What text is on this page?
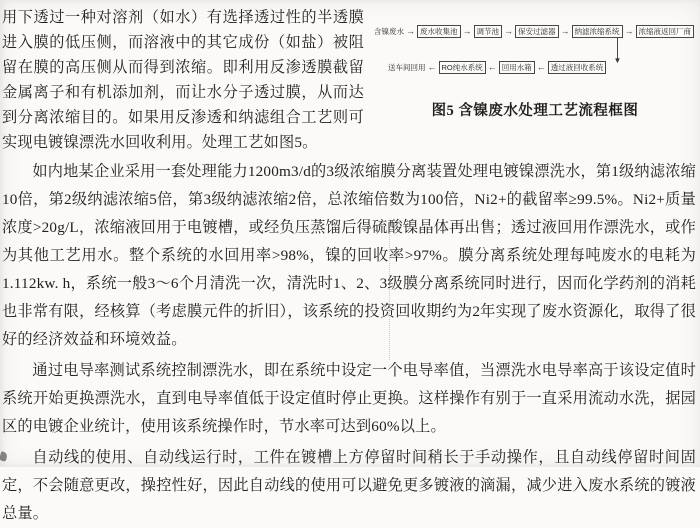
含镍废水 → 废水收集池 → 调节池 → 保安过滤器 → 纳滤浓缩系统 → 浓缩液返回厂商
▼
送车间回用 ← RO纯水系统 ← 回用水箱 ← 透过液回收系统
图5 含镍废水处理工艺流程框图

用下透过一种对溶剂（如水）有选择透过性的半透膜进入膜的低压侧，而溶液中的其它成份（如盐）被阻留在膜的高压侧从而得到浓缩。即利用反渗透膜截留金属离子和有机添加剂，而让水分子透过膜，从而达到分离浓缩目的。如果用反渗透和纳滤组合工艺则可实现电镀镍漂洗水回收利用。处理工艺如图5。

如内地某企业采用一套处理能力1200m3/d的3级浓缩膜分离装置处理电镀镍漂洗水，第1级纳滤浓缩10倍，第2级纳滤浓缩5倍，第3级纳滤浓缩2倍，总浓缩倍数为100倍，Ni2+的截留率≥99.5%。Ni2+质量浓度>20g/L，浓缩液回用于电镀槽，或经负压蒸馏后得硫酸镍晶体再出售；透过液回用作漂洗水，或作为其他工艺用水。整个系统的水回用率>98%，镍的回收率>97%。膜分离系统处理每吨废水的电耗为1.112kw. h，系统一般3～6个月清洗一次，清洗时1、2、3级膜分离系统同时进行，因而化学药剂的消耗也非常有限，经核算（考虑膜元件的折旧），该系统的投资回收期约为2年实现了废水资源化，取得了很好的经济效益和环境效益。

通过电导率测试系统控制漂洗水，即在系统中设定一个电导率值，当漂洗水电导率高于该设定值时系统开始更换漂洗水，直到电导率值低于设定值时停止更换。这样操作有别于一直采用流动水洗，据园区的电镀企业统计，使用该系统操作时，节水率可达到60%以上。

自动线的使用、自动线运行时，工件在镀槽上方停留时间稍长于手动操作，且自动线停留时间固定，不会随意更改，操控性好，因此自动线的使用可以避免更多镀液的滴漏，减少进入废水系统的镀液总量。
